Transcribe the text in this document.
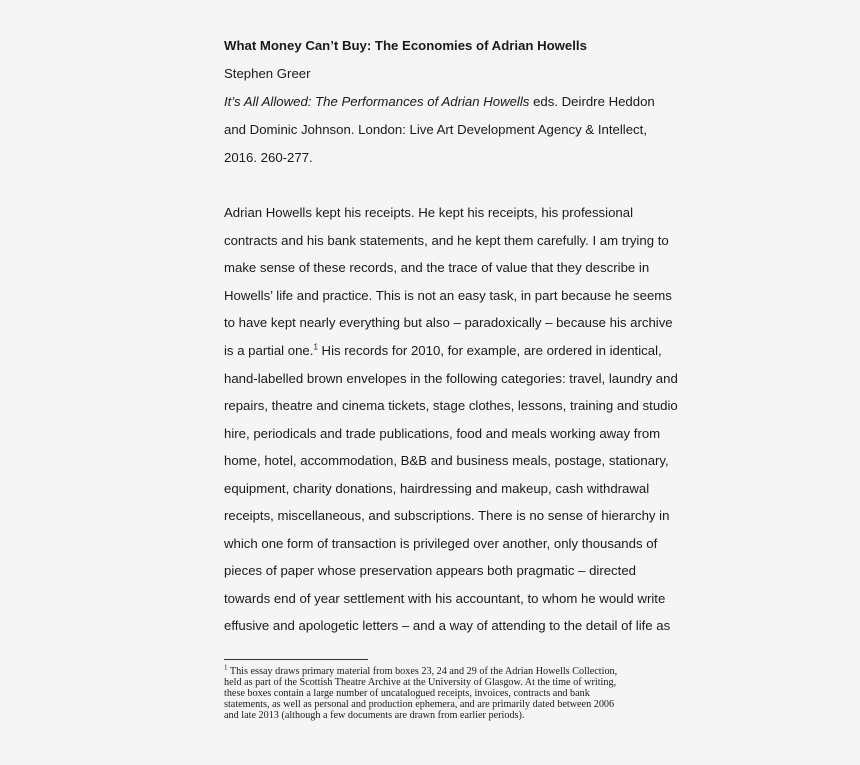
What Money Can’t Buy: The Economies of Adrian Howells
Stephen Greer
It’s All Allowed: The Performances of Adrian Howells eds. Deirdre Heddon
and Dominic Johnson. London: Live Art Development Agency & Intellect,
2016. 260-277.
Adrian Howells kept his receipts. He kept his receipts, his professional
contracts and his bank statements, and he kept them carefully. I am trying to
make sense of these records, and the trace of value that they describe in
Howells’ life and practice. This is not an easy task, in part because he seems
to have kept nearly everything but also – paradoxically – because his archive
is a partial one.$^1$ His records for 2010, for example, are ordered in identical,
hand-labelled brown envelopes in the following categories: travel, laundry and
repairs, theatre and cinema tickets, stage clothes, lessons, training and studio
hire, periodicals and trade publications, food and meals working away from
home, hotel, accommodation, B&B and business meals, postage, stationary,
equipment, charity donations, hairdressing and makeup, cash withdrawal
receipts, miscellaneous, and subscriptions. There is no sense of hierarchy in
which one form of transaction is privileged over another, only thousands of
pieces of paper whose preservation appears both pragmatic – directed
towards end of year settlement with his accountant, to whom he would write
effusive and apologetic letters – and a way of attending to the detail of life as
$^1$ This essay draws primary material from boxes 23, 24 and 29 of the Adrian Howells Collection,
held as part of the Scottish Theatre Archive at the University of Glasgow. At the time of writing,
these boxes contain a large number of uncatalogued receipts, invoices, contracts and bank
statements, as well as personal and production ephemera, and are primarily dated between 2006
and late 2013 (although a few documents are drawn from earlier periods).
